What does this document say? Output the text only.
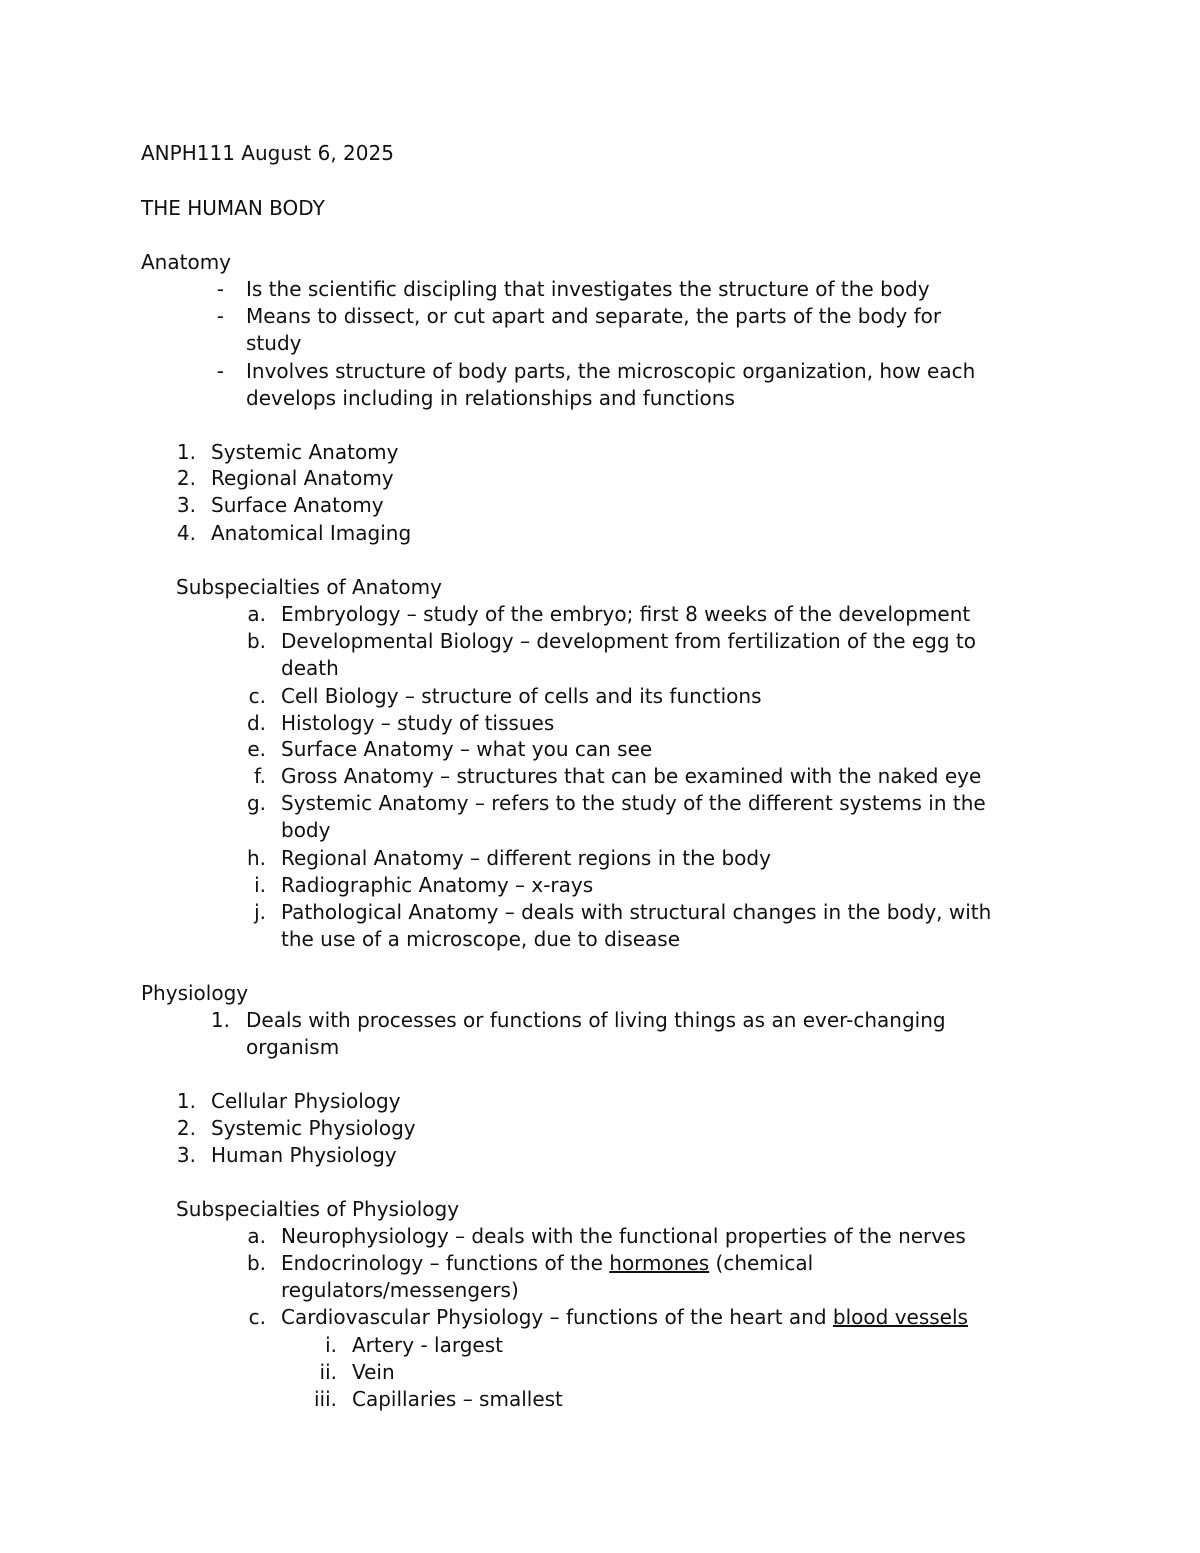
ANPH111 August 6, 2025
THE HUMAN BODY
Anatomy
- Is the scientific discipling that investigates the structure of the body
- Means to dissect, or cut apart and separate, the parts of the body for
study
- Involves structure of body parts, the microscopic organization, how each
develops including in relationships and functions
1. Systemic Anatomy
2. Regional Anatomy
3. Surface Anatomy
4. Anatomical Imaging
Subspecialties of Anatomy
a. Embryology – study of the embryo; first 8 weeks of the development
b. Developmental Biology – development from fertilization of the egg to
death
c. Cell Biology – structure of cells and its functions
d. Histology – study of tissues
e. Surface Anatomy – what you can see
f. Gross Anatomy – structures that can be examined with the naked eye
g. Systemic Anatomy – refers to the study of the different systems in the
body
h. Regional Anatomy – different regions in the body
i. Radiographic Anatomy – x-rays
j. Pathological Anatomy – deals with structural changes in the body, with
the use of a microscope, due to disease
Physiology
1. Deals with processes or functions of living things as an ever-changing
organism
1. Cellular Physiology
2. Systemic Physiology
3. Human Physiology
Subspecialties of Physiology
a. Neurophysiology – deals with the functional properties of the nerves
b. Endocrinology – functions of the hormones (chemical
regulators/messengers)
c. Cardiovascular Physiology – functions of the heart and blood vessels
i. Artery - largest
ii. Vein
iii. Capillaries – smallest
